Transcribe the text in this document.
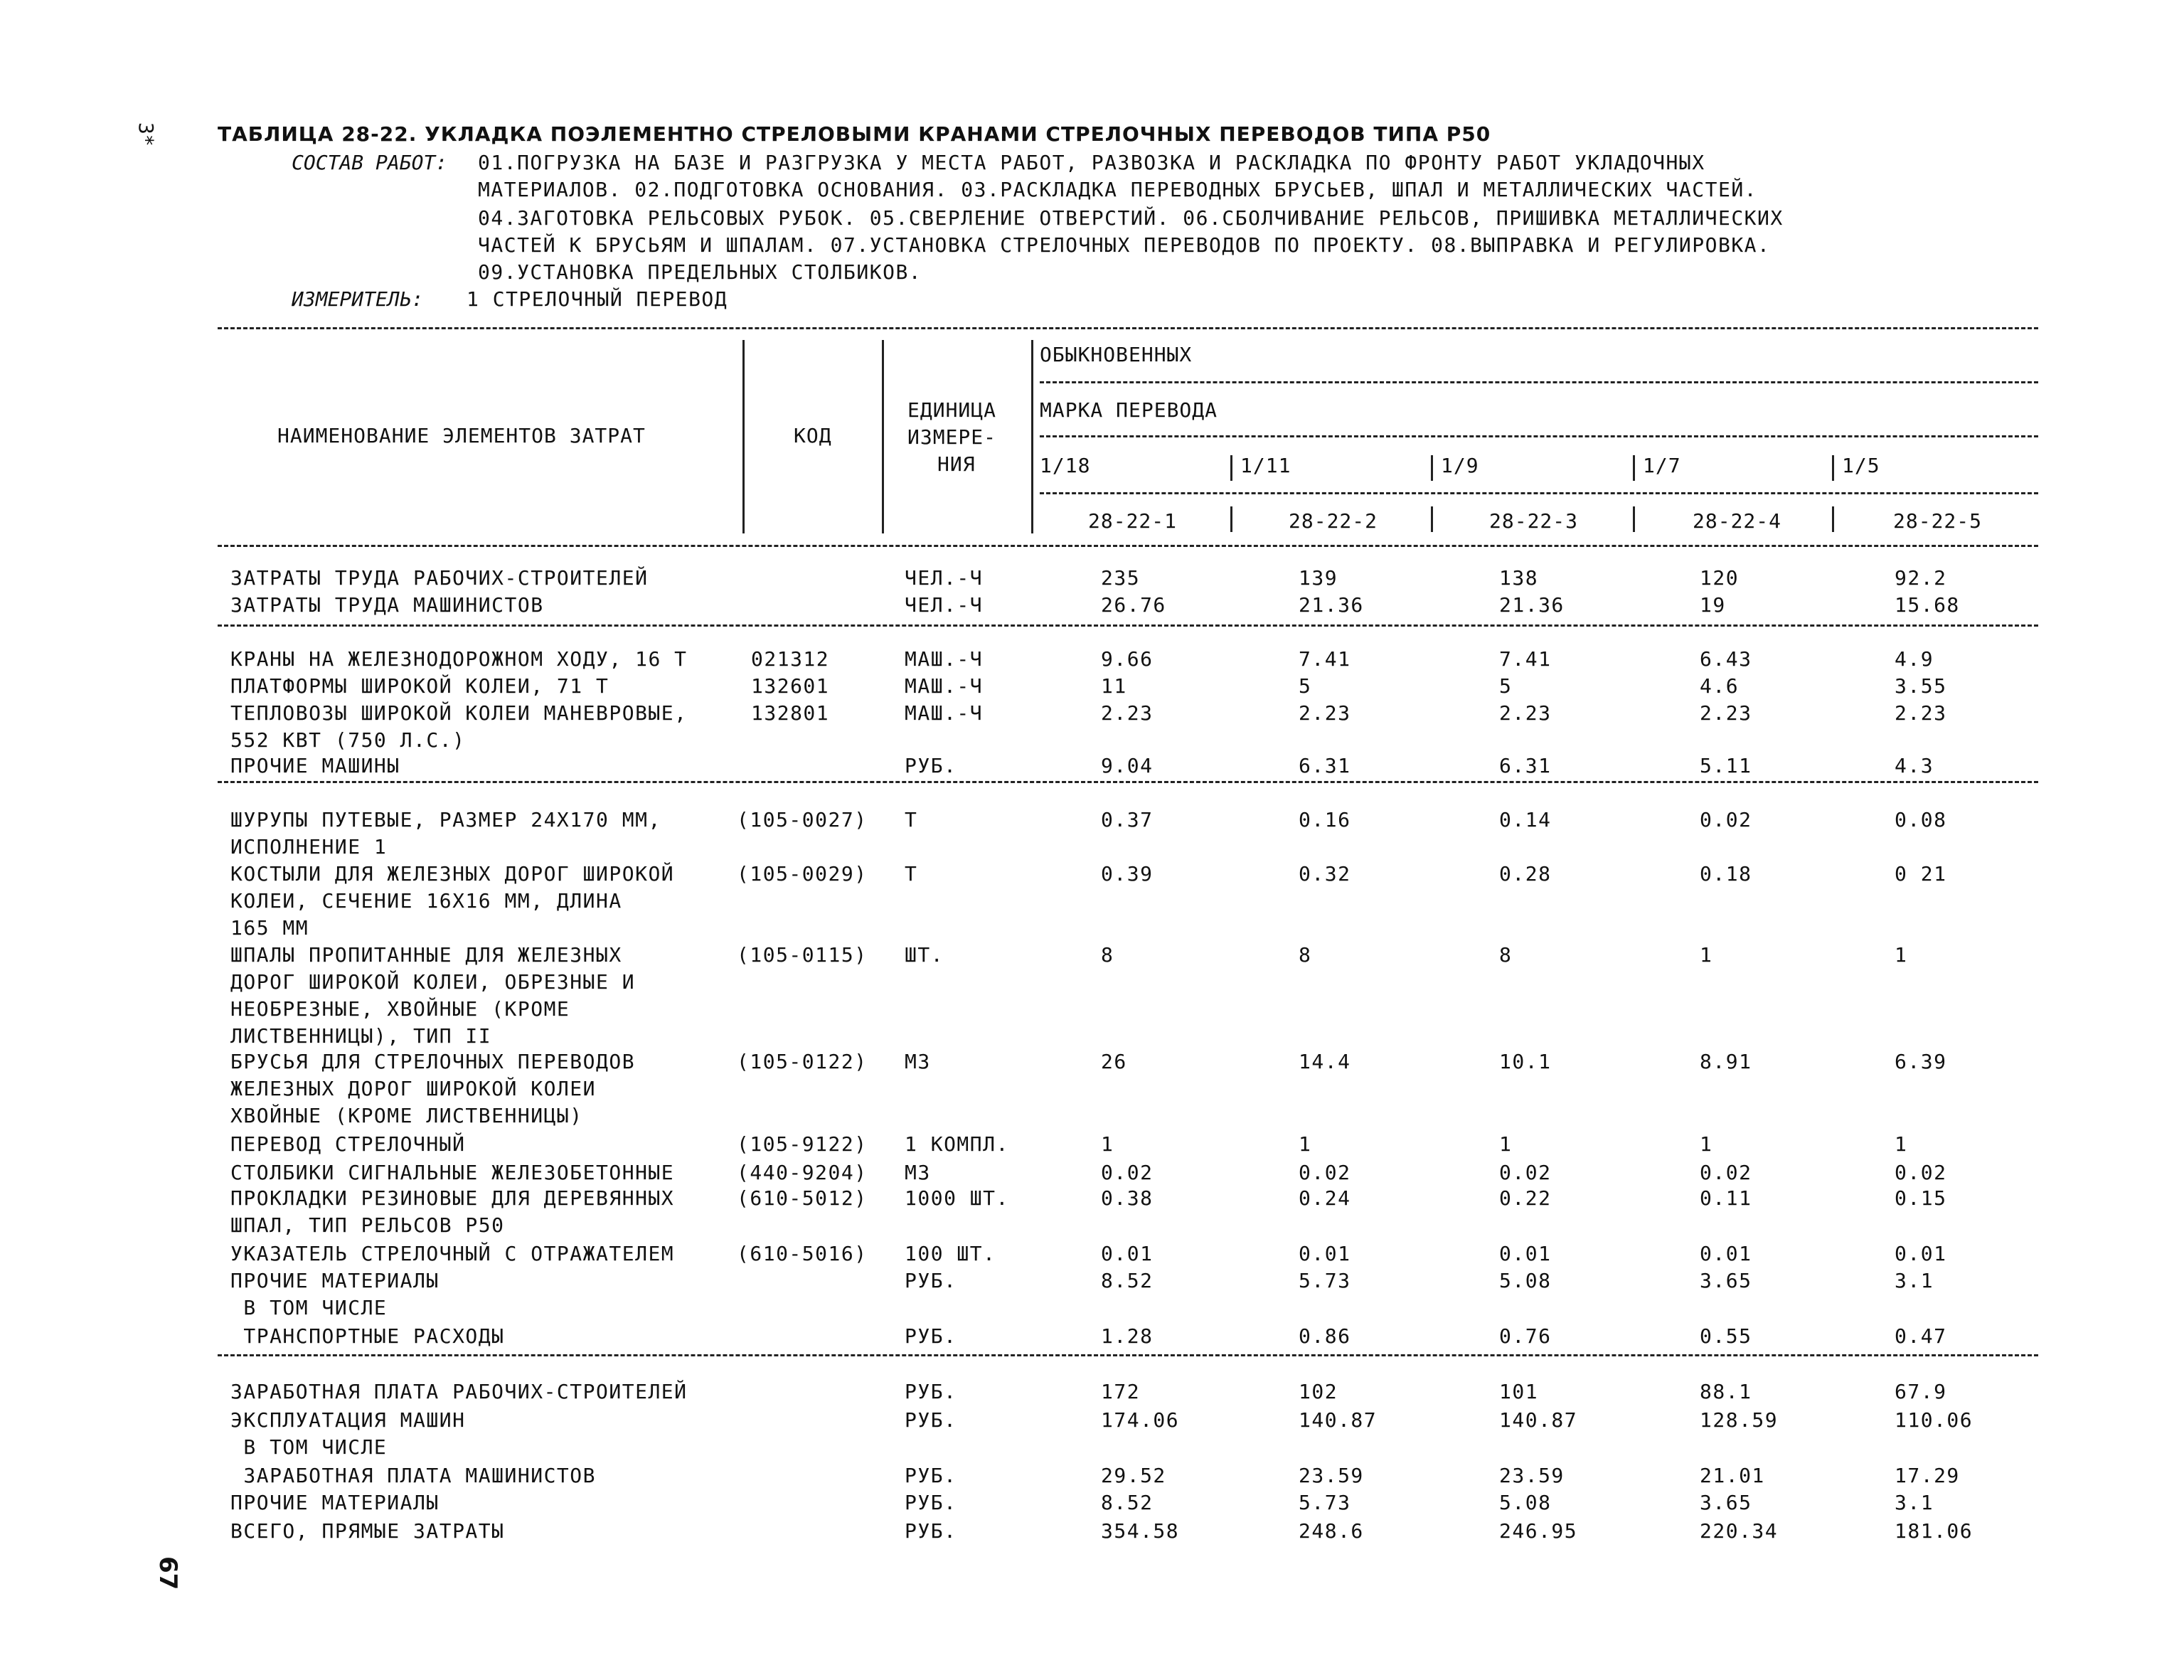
3*
67
ТАБЛИЦА 28-22. УКЛАДКА ПОЭЛЕМЕНТНО СТРЕЛОВЫМИ КРАНАМИ СТРЕЛОЧНЫХ ПЕРЕВОДОВ ТИПА Р50
СОСТАВ РАБОТ: 01.ПОГРУЗКА НА БАЗЕ И РАЗГРУЗКА У МЕСТА РАБОТ, РАЗВОЗКА И РАСКЛАДКА ПО ФРОНТУ РАБОТ УКЛАДОЧНЫХ
МАТЕРИАЛОВ. 02.ПОДГОТОВКА ОСНОВАНИЯ. 03.РАСКЛАДКА ПЕРЕВОДНЫХ БРУСЬЕВ, ШПАЛ И МЕТАЛЛИЧЕСКИХ ЧАСТЕЙ.
04.ЗАГОТОВКА РЕЛЬСОВЫХ РУБОК. 05.СВЕРЛЕНИЕ ОТВЕРСТИЙ. 06.СБОЛЧИВАНИЕ РЕЛЬСОВ, ПРИШИВКА МЕТАЛЛИЧЕСКИХ
ЧАСТЕЙ К БРУСЬЯМ И ШПАЛАМ. 07.УСТАНОВКА СТРЕЛОЧНЫХ ПЕРЕВОДОВ ПО ПРОЕКТУ. 08.ВЫПРАВКА И РЕГУЛИРОВКА.
09.УСТАНОВКА ПРЕДЕЛЬНЫХ СТОЛБИКОВ.
ИЗМЕРИТЕЛЬ: 1 СТРЕЛОЧНЫЙ ПЕРЕВОД
НАИМЕНОВАНИЕ ЭЛЕМЕНТОВ ЗАТРАТ	КОД
ЕДИНИЦА
ИЗМЕРЕ-
НИЯ
ОБЫКНОВЕННЫХ
МАРКА ПЕРЕВОДА
1/18	1/11	1/9	1/7	1/5
28-22-1	28-22-2	28-22-3	28-22-4	28-22-5
ЗАТРАТЫ ТРУДА РАБОЧИХ-СТРОИТЕЛЕЙ	ЧЕЛ.-Ч	235	139	138	120	92.2
ЗАТРАТЫ ТРУДА МАШИНИСТОВ	ЧЕЛ.-Ч	26.76	21.36	21.36	19	15.68
КРАНЫ НА ЖЕЛЕЗНОДОРОЖНОМ ХОДУ, 16 Т	021312	МАШ.-Ч	9.66	7.41	7.41	6.43	4.9
ПЛАТФОРМЫ ШИРОКОЙ КОЛЕИ, 71 Т	132601	МАШ.-Ч	11	5	5	4.6	3.55
ТЕПЛОВОЗЫ ШИРОКОЙ КОЛЕИ МАНЕВРОВЫЕ,
552 КВТ (750 Л.С.)
132801	МАШ.-Ч	2.23	2.23	2.23	2.23	2.23
ПРОЧИЕ МАШИНЫ	РУБ.	9.04	6.31	6.31	5.11	4.3
ШУРУПЫ ПУТЕВЫЕ, РАЗМЕР 24Х170 ММ,
ИСПОЛНЕНИЕ 1
(105-0027) Т	0.37	0.16	0.14	0.02	0.08
КОСТЫЛИ ДЛЯ ЖЕЛЕЗНЫХ ДОРОГ ШИРОКОЙ
КОЛЕИ, СЕЧЕНИЕ 16Х16 ММ, ДЛИНА
165 ММ
(105-0029) Т	0.39	0.32	0.28	0.18	0 21
ШПАЛЫ ПРОПИТАННЫЕ ДЛЯ ЖЕЛЕЗНЫХ
ДОРОГ ШИРОКОЙ КОЛЕИ, ОБРЕЗНЫЕ И
НЕОБРЕЗНЫЕ, ХВОЙНЫЕ (КРОМЕ
ЛИСТВЕННИЦЫ), ТИП II
(105-0115) ШТ.	8	8	8	1	1
БРУСЬЯ ДЛЯ СТРЕЛОЧНЫХ ПЕРЕВОДОВ
ЖЕЛЕЗНЫХ ДОРОГ ШИРОКОЙ КОЛЕИ
ХВОЙНЫЕ (КРОМЕ ЛИСТВЕННИЦЫ)
(105-0122) М3	26	14.4	10.1	8.91	6.39
ПЕРЕВОД СТРЕЛОЧНЫЙ	(105-9122) 1 КОМПЛ.	1	1	1	1	1
СТОЛБИКИ СИГНАЛЬНЫЕ ЖЕЛЕЗОБЕТОННЫЕ	(440-9204) М3	0.02	0.02	0.02	0.02	0.02
ПРОКЛАДКИ РЕЗИНОВЫЕ ДЛЯ ДЕРЕВЯННЫХ
ШПАЛ, ТИП РЕЛЬСОВ Р50
(610-5012) 1000 ШТ.	0.38	0.24	0.22	0.11	0.15
УКАЗАТЕЛЬ СТРЕЛОЧНЫЙ С ОТРАЖАТЕЛЕМ	(610-5016) 100 ШТ.	0.01	0.01	0.01	0.01	0.01
ПРОЧИЕ МАТЕРИАЛЫ
В ТОМ ЧИСЛЕ
РУБ.	8.52	5.73	5.08	3.65	3.1
ТРАНСПОРТНЫЕ РАСХОДЫ	РУБ.	1.28	0.86	0.76	0.55	0.47
ЗАРАБОТНАЯ ПЛАТА РАБОЧИХ-СТРОИТЕЛЕЙ	РУБ.	172	102	101	88.1	67.9
ЭКСПЛУАТАЦИЯ МАШИН
В ТОМ ЧИСЛЕ
РУБ.	174.06	140.87	140.87	128.59	110.06
ЗАРАБОТНАЯ ПЛАТА МАШИНИСТОВ	РУБ.	29.52	23.59	23.59	21.01	17.29
ПРОЧИЕ МАТЕРИАЛЫ	РУБ.	8.52	5.73	5.08	3.65	3.1
ВСЕГО, ПРЯМЫЕ ЗАТРАТЫ	РУБ.	354.58	248.6	246.95	220.34	181.06
